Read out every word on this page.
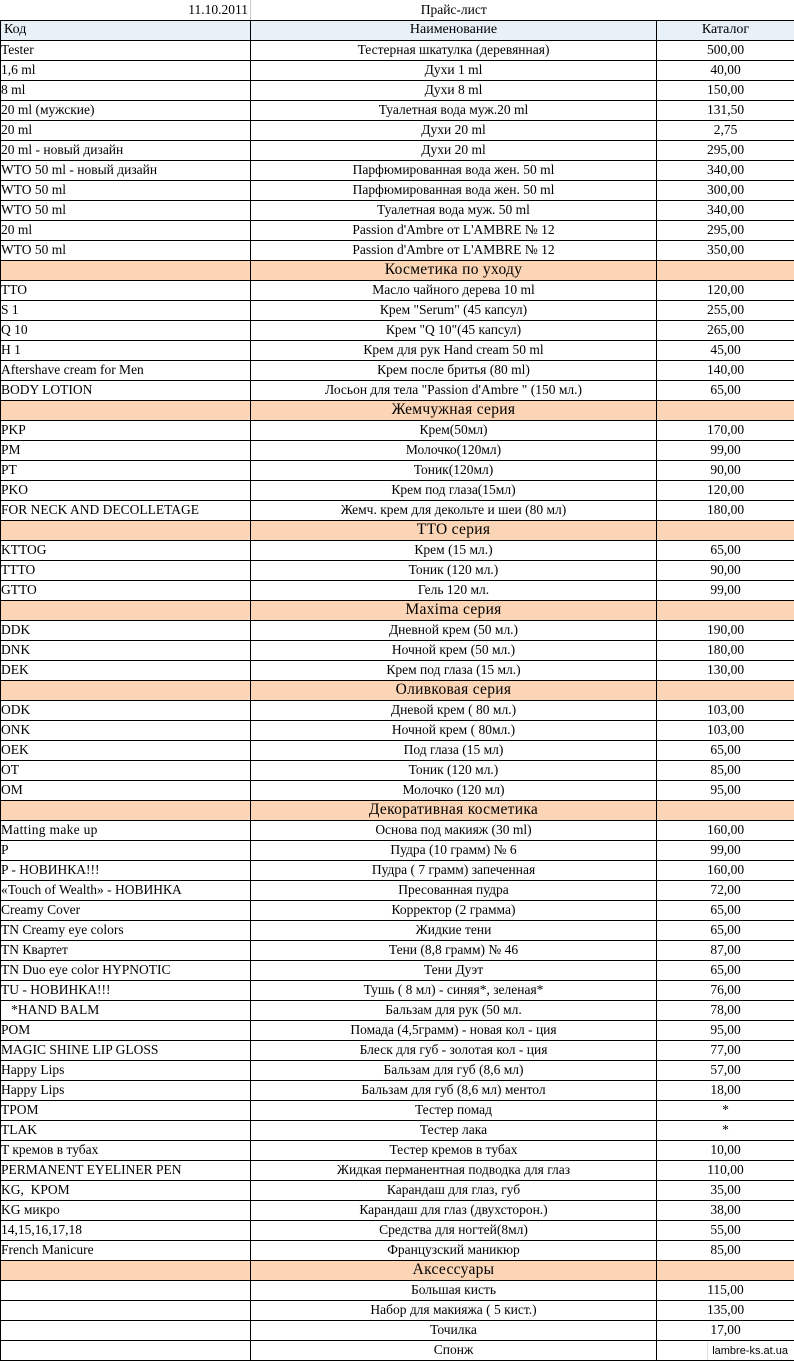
11.10.2011	Прайс-лист	
Код	Наименование	Каталог
Tester	Тестерная шкатулка (деревянная)	500,00
1,6 ml	Духи 1 ml	40,00
8 ml	Духи 8 ml	150,00
20 ml (мужские)	Туалетная вода муж.20 ml	131,50
20 ml	Духи 20 ml	2,75
20 ml - новый дизайн	Духи 20 ml	295,00
WTO 50 ml - новый дизайн	Парфюмированная вода жен. 50 ml	340,00
WTO 50 ml	Парфюмированная вода жен. 50 ml	300,00
WTO 50 ml	Туалетная вода муж. 50 ml	340,00
20 ml	Passion d'Ambre от L'AMBRE № 12	295,00
WTO 50 ml	Passion d'Ambre от L'AMBRE № 12	350,00
	Косметика по уходу	
TTO	Масло чайного дерева 10 ml	120,00
S 1	Крем "Serum" (45 капсул)	255,00
Q 10	Крем "Q 10"(45 капсул)	265,00
H 1	Крем для рук Hand cream 50 ml	45,00
Aftershave cream for Men	Крем после бритья (80 ml)	140,00
BODY LOTION	Лосьон для тела "Passion d'Ambre " (150 мл.)	65,00
	Жемчужная серия	
PKP	Крем(50мл)	170,00
PM	Молочко(120мл)	99,00
PT	Тоник(120мл)	90,00
PKO	Крем под глаза(15мл)	120,00
FOR NECK AND DECOLLETAGE	Жемч. крем для декольте и шеи (80 мл)	180,00
	TTO серия	
KTTOG	Крем (15 мл.)	65,00
TTTO	Тоник (120 мл.)	90,00
GTTO	Гель 120 мл.	99,00
	Maxima серия	
DDK	Дневной крем (50 мл.)	190,00
DNK	Ночной крем (50 мл.)	180,00
DEK	Крем под глаза (15 мл.)	130,00
	Оливковая серия	
ODK	Дневой крем ( 80 мл.)	103,00
ONK	Ночной крем ( 80мл.)	103,00
OEK	Под глаза (15 мл)	65,00
OT	Тоник (120 мл.)	85,00
OM	Молочко (120 мл)	95,00
	Декоративная косметика	
Matting make up	Основа под макияж (30 ml)	160,00
P	Пудра (10 грамм) № 6	99,00
P - НОВИНКА!!!	Пудра ( 7 грамм) запеченная	160,00
«Touch of Wealth» - НОВИНКА	Пресованная пудра	72,00
Creamy Cover	Корректор (2 грамма)	65,00
TN Creamy eye colors	Жидкие тени	65,00
TN Квартет	Тени (8,8 грамм) № 46	87,00
TN Duo eye color HYPNOTIC	Тени Дуэт	65,00
TU - НОВИНКА!!!	Тушь ( 8 мл) - синяя*, зеленая*	76,00
*HAND BALM	Бальзам для рук (50 мл.	78,00
POM	Помада (4,5грамм) - новая кол - ция	95,00
MAGIC SHINE LIP GLOSS	Блеск для губ - золотая кол - ция	77,00
Happy Lips	Бальзам для губ (8,6 мл)	57,00
Happy Lips	Бальзам для губ (8,6 мл) ментол	18,00
TPOM	Тестер помад	*
TLAK	Тестер лака	*
T кремов в тубах	Тестер кремов в тубах	10,00
PERMANENT EYELINER PEN	Жидкая перманентная подводка для глаз	110,00
KG,  KPOM	Карандаш для глаз, губ	35,00
KG микро	Карандаш для глаз (двухсторон.)	38,00
14,15,16,17,18	Средства для ногтей(8мл)	55,00
French Manicure	Французский маникюр	85,00
	Аксессуары	
	Большая кисть	115,00
	Набор для макияжа ( 5 кист.)	135,00
	Точилка	17,00
	Спонж		lambre-ks.at.ua
